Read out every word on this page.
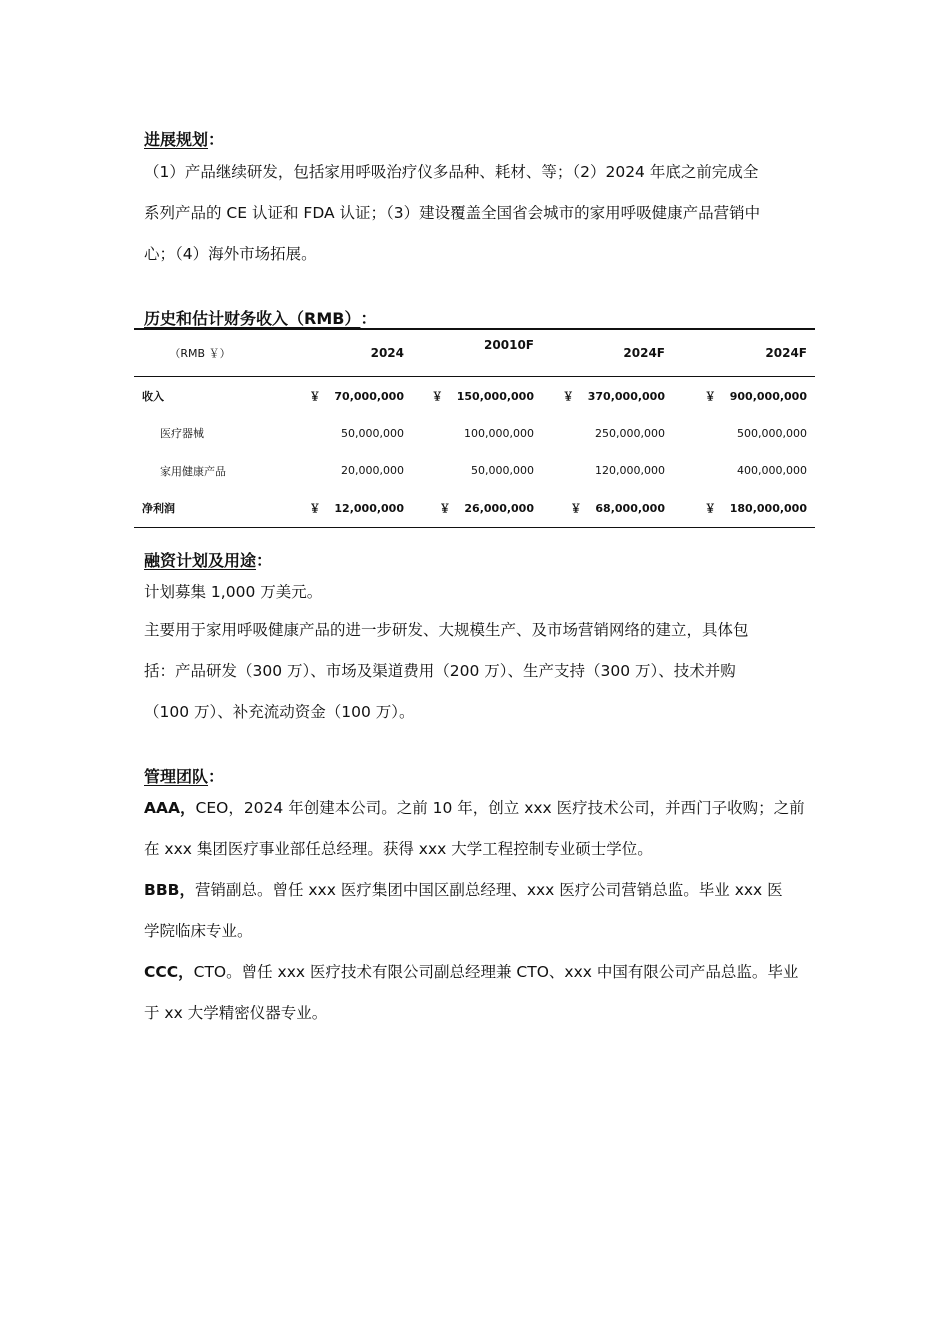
进展规划：

（1）产品继续研发，包括家用呼吸治疗仪多品种、耗材、等；（2）2024 年底之前完成全
系列产品的 CE 认证和 FDA 认证；（3）建设覆盖全国省会城市的家用呼吸健康产品营销中
心；（4）海外市场拓展。

历史和估计财务收入（RMB）：
（RMB ￥）	2024	20010F	2024F	2024F
收入	￥ 70,000,000	￥ 150,000,000	￥ 370,000,000	￥ 900,000,000
医疗器械	50,000,000	100,000,000	250,000,000	500,000,000
家用健康产品	20,000,000	50,000,000	120,000,000	400,000,000
净利润	￥ 12,000,000	￥ 26,000,000	￥ 68,000,000	￥ 180,000,000
融资计划及用途：

计划募集 1,000 万美元。

主要用于家用呼吸健康产品的进一步研发、大规模生产、及市场营销网络的建立，具体包
括：产品研发（300 万）、市场及渠道费用（200 万）、生产支持（300 万）、技术并购
（100 万）、补充流动资金（100 万）。

管理团队：

AAA，CEO，2024 年创建本公司。之前 10 年，创立 xxx 医疗技术公司，并西门子收购；之前
在 xxx 集团医疗事业部任总经理。获得 xxx 大学工程控制专业硕士学位。
BBB，营销副总。曾任 xxx 医疗集团中国区副总经理、xxx 医疗公司营销总监。毕业 xxx 医
学院临床专业。
CCC，CTO。曾任 xxx 医疗技术有限公司副总经理兼 CTO、xxx 中国有限公司产品总监。毕业
于 xx 大学精密仪器专业。
